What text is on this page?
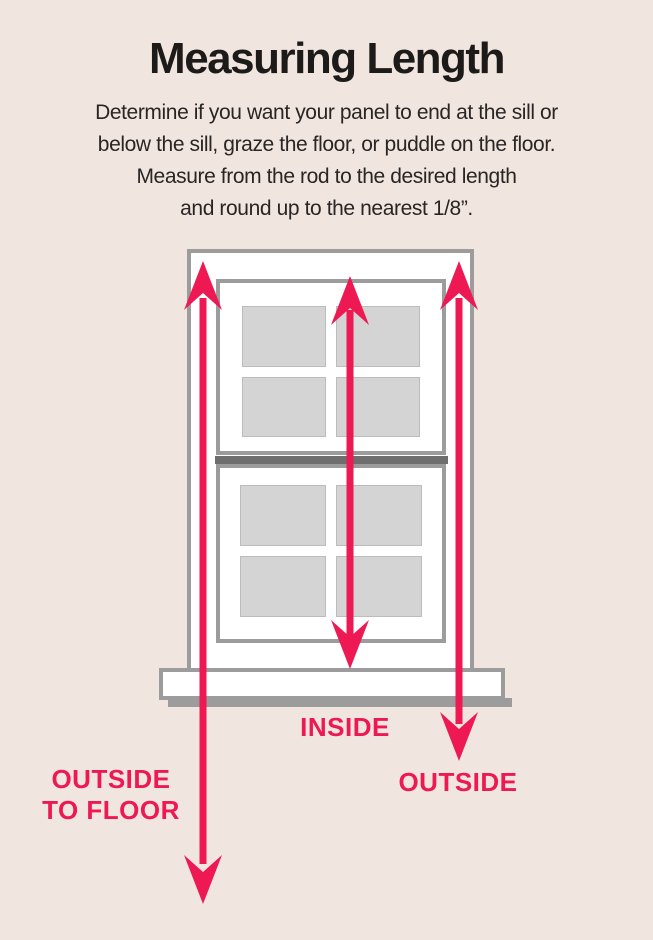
Measuring Length
Determine if you want your panel to end at the sill or
below the sill, graze the floor, or puddle on the floor.
Measure from the rod to the desired length
and round up to the nearest 1/8”.
INSIDE
OUTSIDE
OUTSIDE
TO FLOOR
